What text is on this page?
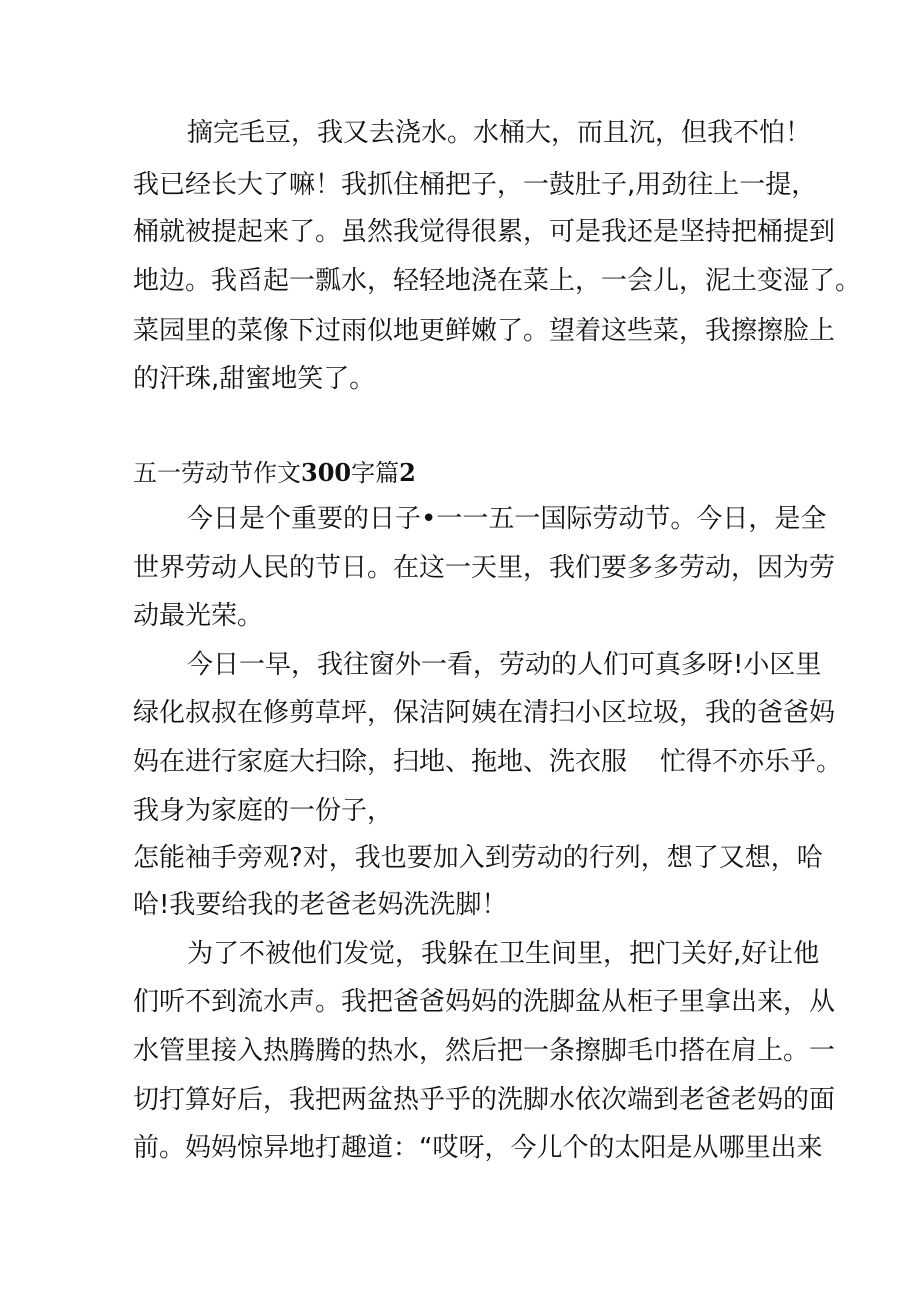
摘完毛豆，我又去浇水。水桶大，而且沉，但我不怕！
我已经长大了嘛！我抓住桶把子，一鼓肚子,用劲往上一提，
桶就被提起来了。虽然我觉得很累，可是我还是坚持把桶提到
地边。我舀起一瓢水，轻轻地浇在菜上，一会儿，泥土变湿了。
菜园里的菜像下过雨似地更鲜嫩了。望着这些菜，我擦擦脸上
的汗珠,甜蜜地笑了。
五一劳动节作文300字篇2
今日是个重要的日子•一一五一国际劳动节。今日，是全
世界劳动人民的节日。在这一天里，我们要多多劳动，因为劳
动最光荣。
今日一早，我往窗外一看，劳动的人们可真多呀!小区里
绿化叔叔在修剪草坪，保洁阿姨在清扫小区垃圾，我的爸爸妈
妈在进行家庭大扫除，扫地、拖地、洗衣服    忙得不亦乐乎。
我身为家庭的一份子，
怎能袖手旁观?对，我也要加入到劳动的行列，想了又想，哈
哈!我要给我的老爸老妈洗洗脚！
为了不被他们发觉，我躲在卫生间里，把门关好,好让他
们听不到流水声。我把爸爸妈妈的洗脚盆从柜子里拿出来，从
水管里接入热腾腾的热水，然后把一条擦脚毛巾搭在肩上。一
切打算好后，我把两盆热乎乎的洗脚水依次端到老爸老妈的面
前。妈妈惊异地打趣道：“哎呀，今儿个的太阳是从哪里出来
